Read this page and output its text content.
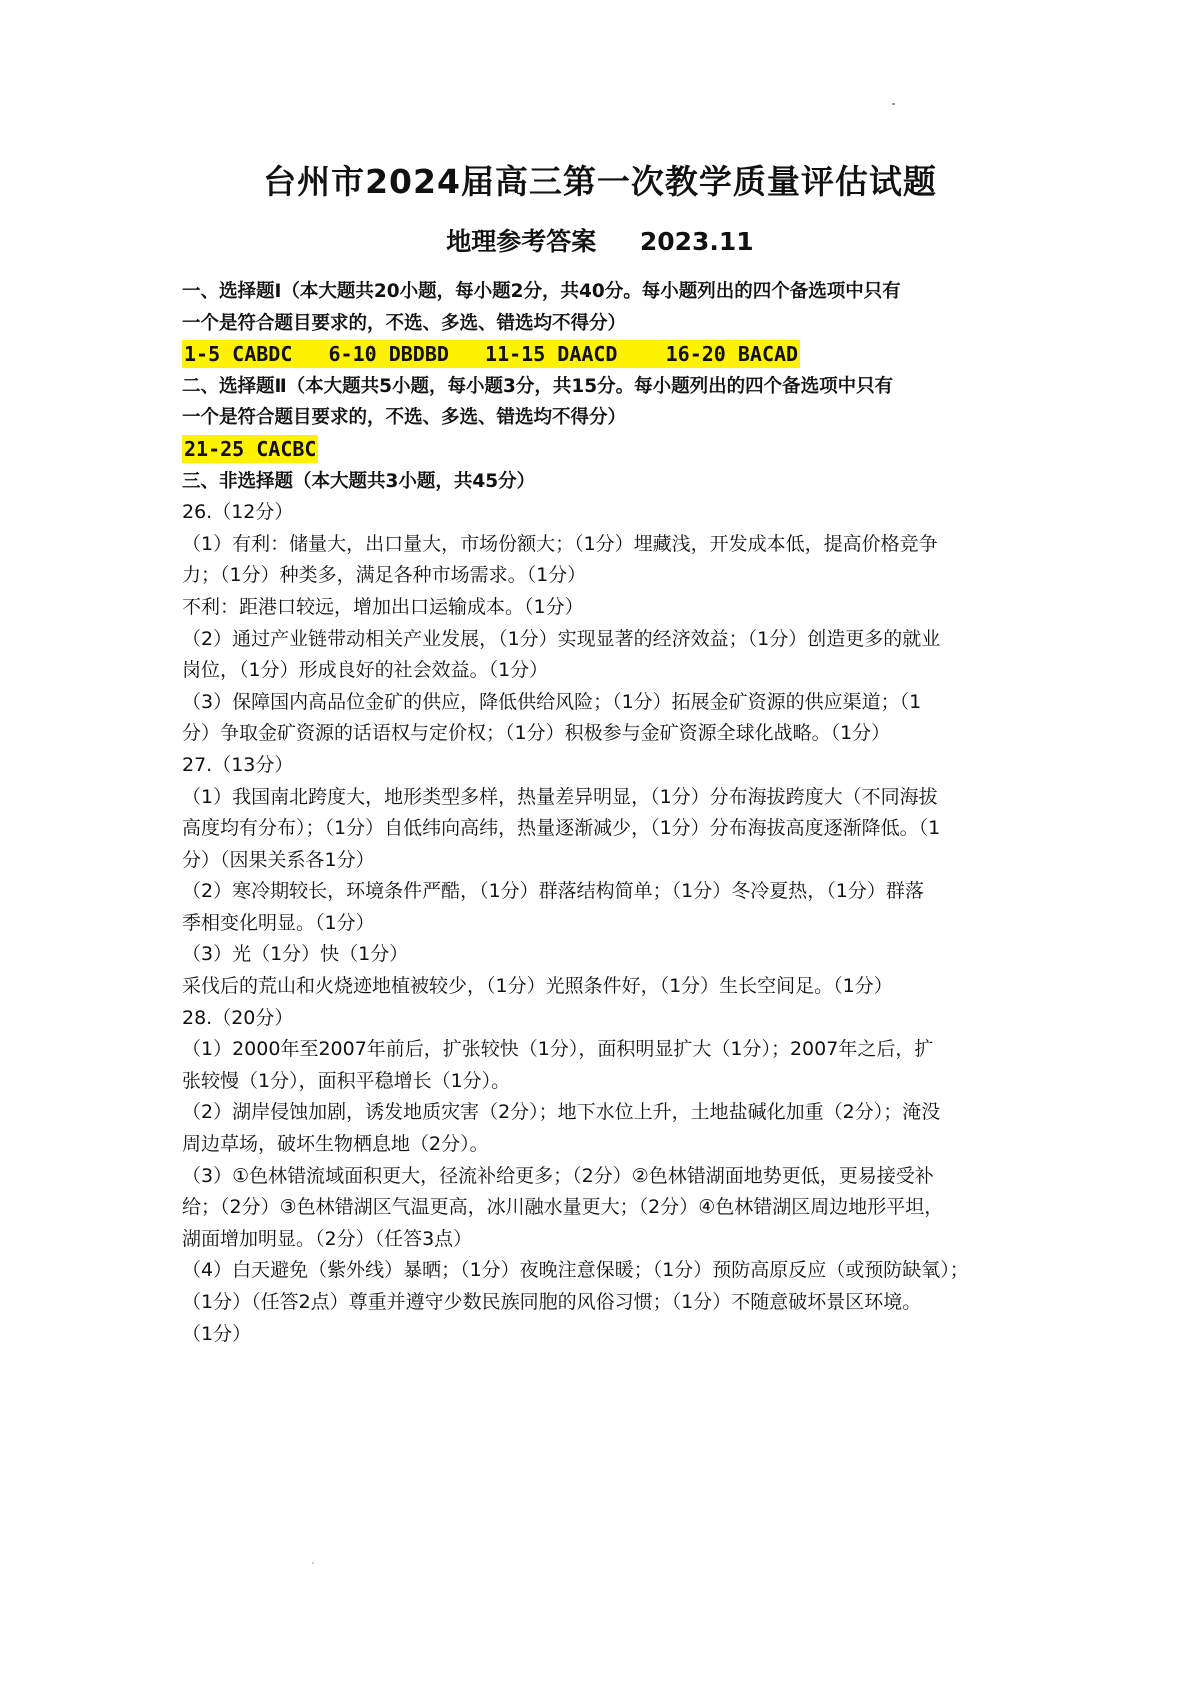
台州市2024届高三第一次教学质量评估试题
地理参考答案     2023.11
一、选择题Ⅰ（本大题共20小题，每小题2分，共40分。每小题列出的四个备选项中只有
一个是符合题目要求的，不选、多选、错选均不得分）
1-5 CABDC   6-10 DBDBD   11-15 DAACD    16-20 BACAD
二、选择题Ⅱ（本大题共5小题，每小题3分，共15分。每小题列出的四个备选项中只有
一个是符合题目要求的，不选、多选、错选均不得分）
21-25 CACBC
三、非选择题（本大题共3小题，共45分）
26.（12分）
（1）有利：储量大，出口量大，市场份额大；（1分）埋藏浅，开发成本低，提高价格竞争
力；（1分）种类多，满足各种市场需求。（1分）
不利：距港口较远，增加出口运输成本。（1分）
（2）通过产业链带动相关产业发展，（1分）实现显著的经济效益；（1分）创造更多的就业
岗位，（1分）形成良好的社会效益。（1分）
（3）保障国内高品位金矿的供应，降低供给风险；（1分）拓展金矿资源的供应渠道；（1
分）争取金矿资源的话语权与定价权；（1分）积极参与金矿资源全球化战略。（1分）
27.（13分）
（1）我国南北跨度大，地形类型多样，热量差异明显，（1分）分布海拔跨度大（不同海拔
高度均有分布）；（1分）自低纬向高纬，热量逐渐减少，（1分）分布海拔高度逐渐降低。（1
分）（因果关系各1分）
（2）寒冷期较长，环境条件严酷，（1分）群落结构简单；（1分）冬冷夏热，（1分）群落
季相变化明显。（1分）
（3）光（1分）快（1分）
采伐后的荒山和火烧迹地植被较少，（1分）光照条件好，（1分）生长空间足。（1分）
28.（20分）
（1）2000年至2007年前后，扩张较快（1分），面积明显扩大（1分）；2007年之后，扩
张较慢（1分），面积平稳增长（1分）。
（2）湖岸侵蚀加剧，诱发地质灾害（2分）；地下水位上升，土地盐碱化加重（2分）；淹没
周边草场，破坏生物栖息地（2分）。
（3）①色林错流域面积更大，径流补给更多；（2分）②色林错湖面地势更低，更易接受补
给；（2分）③色林错湖区气温更高，冰川融水量更大；（2分）④色林错湖区周边地形平坦，
湖面增加明显。（2分）（任答3点）
（4）白天避免（紫外线）暴晒；（1分）夜晚注意保暖；（1分）预防高原反应（或预防缺氧）；
（1分）（任答2点）尊重并遵守少数民族同胞的风俗习惯；（1分）不随意破坏景区环境。
（1分）
